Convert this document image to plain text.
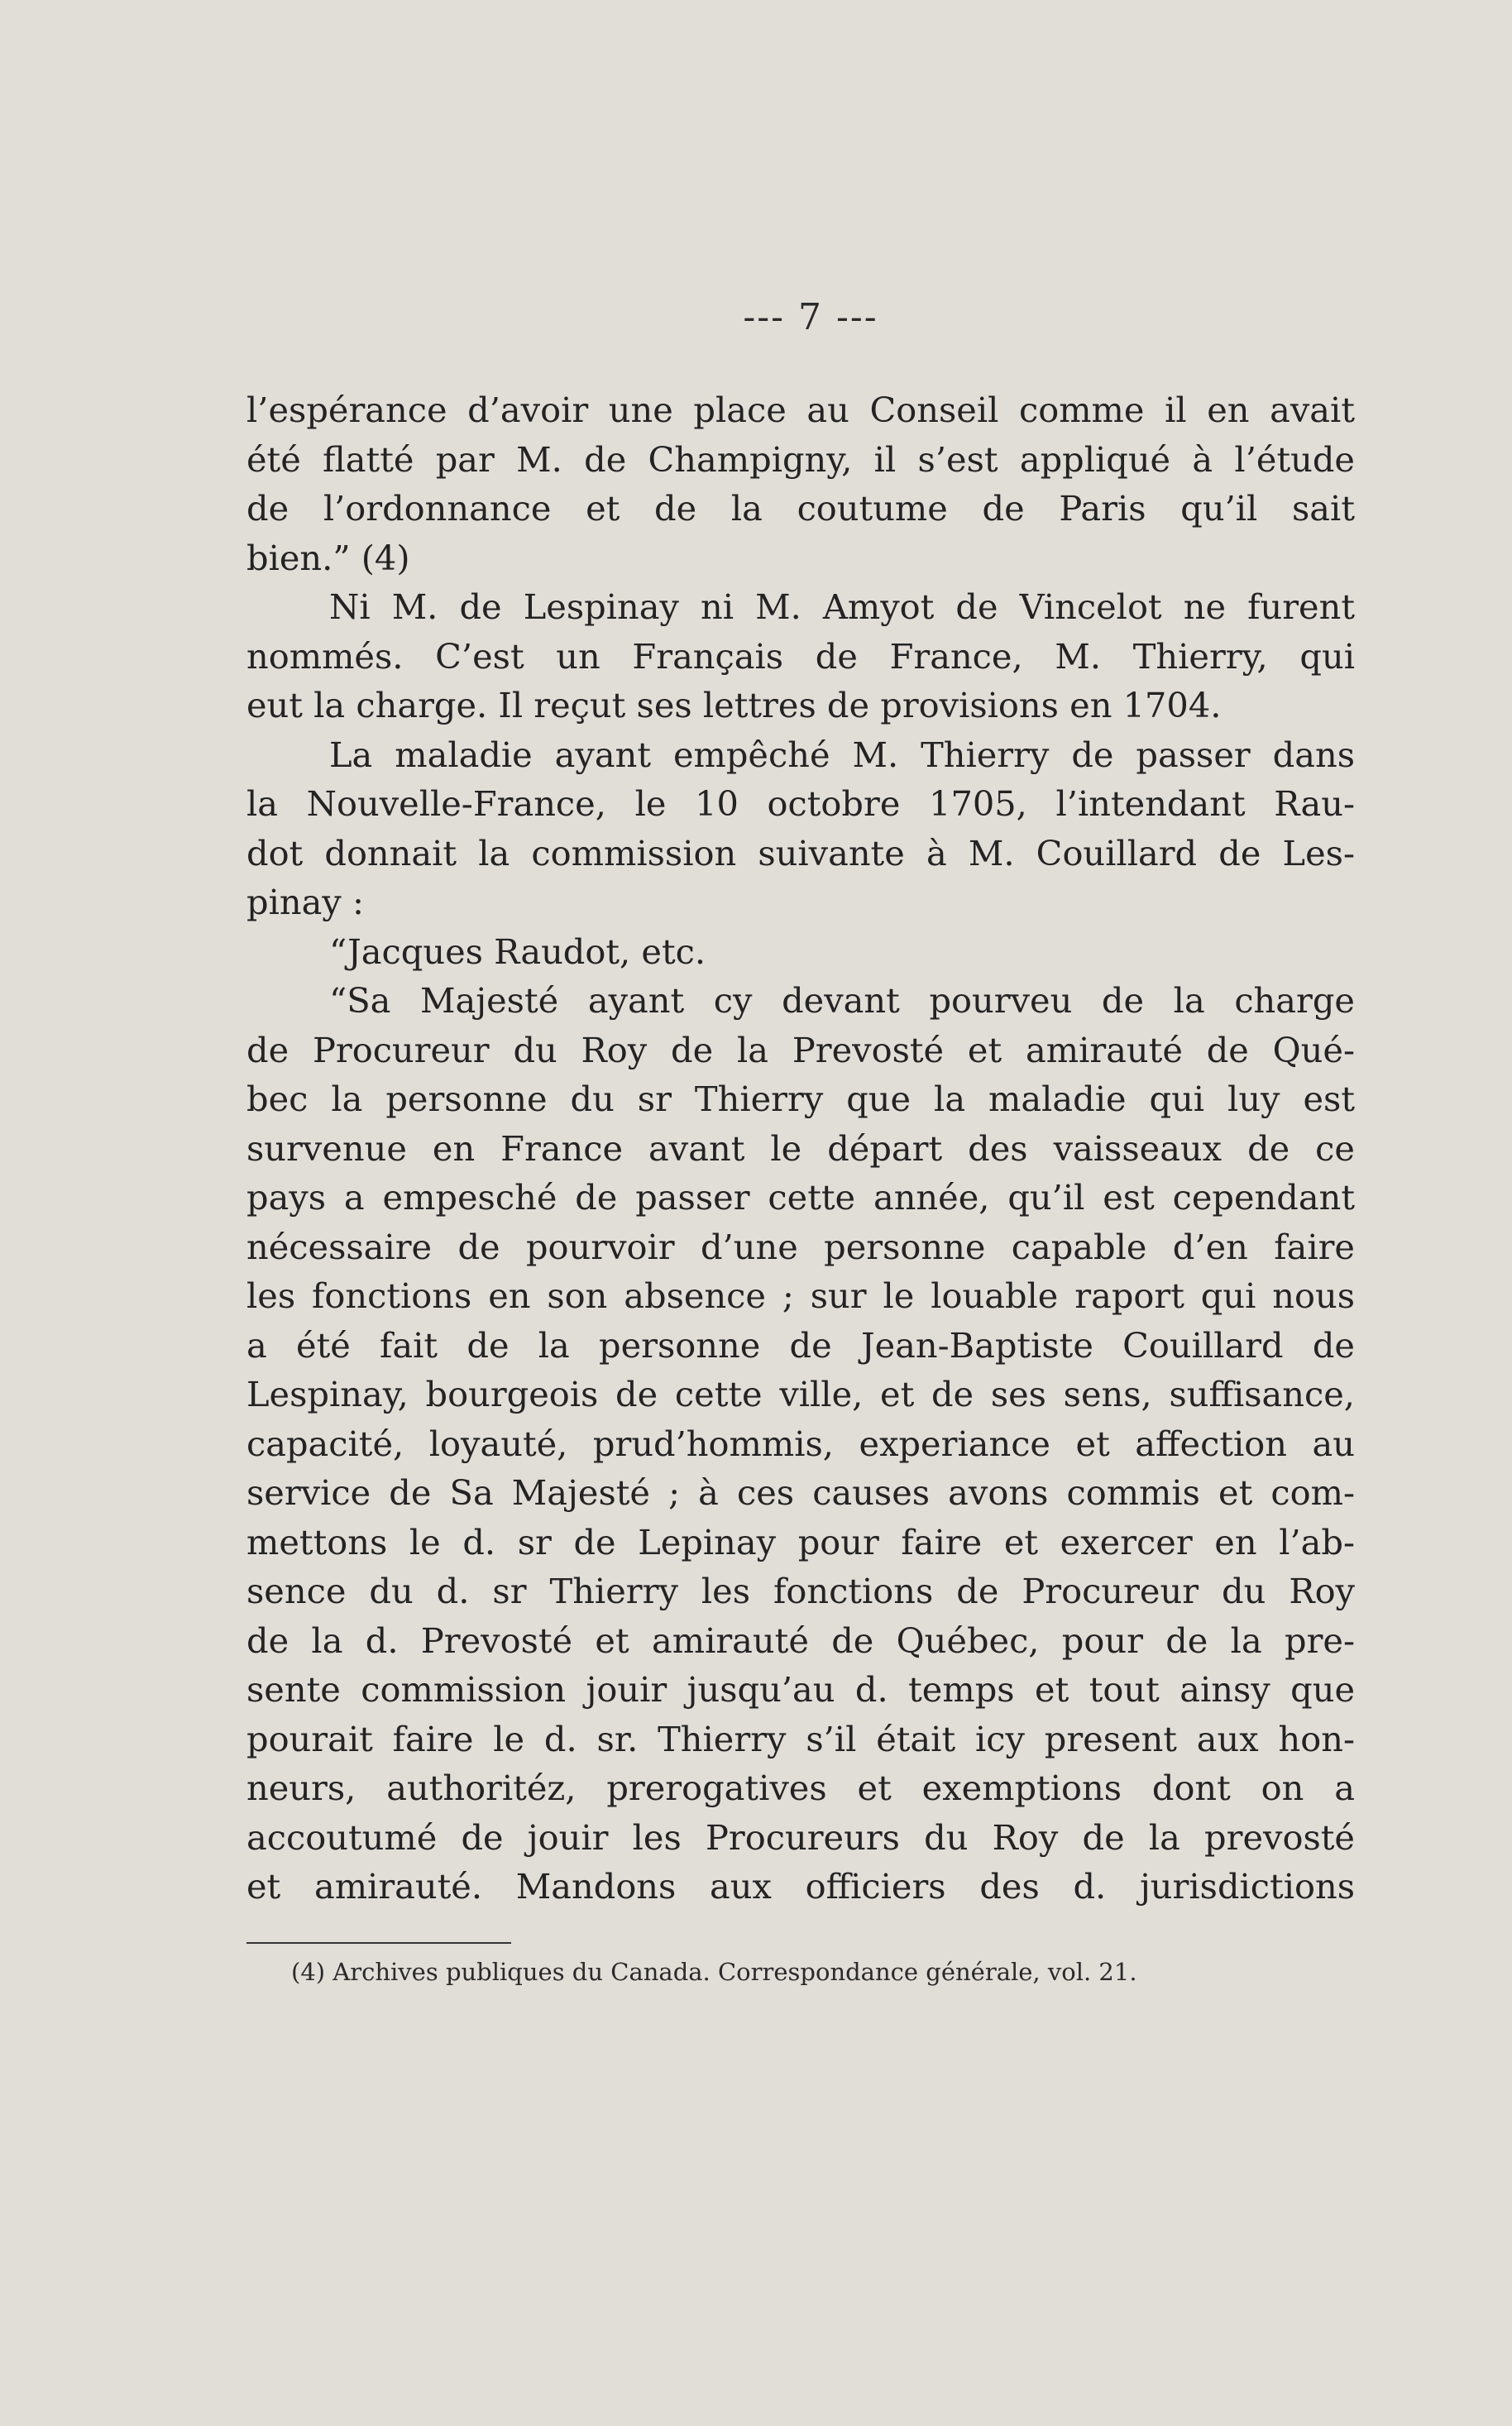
--- 7 ---
l’espérance d’avoir une place au Conseil comme il en avait
été flatté par M. de Champigny, il s’est appliqué à l’étude
de l’ordonnance et de la coutume de Paris qu’il sait
bien.” (4)
Ni M. de Lespinay ni M. Amyot de Vincelot ne furent
nommés. C’est un Français de France, M. Thierry, qui
eut la charge. Il reçut ses lettres de provisions en 1704.
La maladie ayant empêché M. Thierry de passer dans
la Nouvelle-France, le 10 octobre 1705, l’intendant Rau-
dot donnait la commission suivante à M. Couillard de Les-
pinay :
“Jacques Raudot, etc.
“Sa Majesté ayant cy devant pourveu de la charge
de Procureur du Roy de la Prevosté et amirauté de Qué-
bec la personne du sr Thierry que la maladie qui luy est
survenue en France avant le départ des vaisseaux de ce
pays a empesché de passer cette année, qu’il est cependant
nécessaire de pourvoir d’une personne capable d’en faire
les fonctions en son absence ; sur le louable raport qui nous
a été fait de la personne de Jean-Baptiste Couillard de
Lespinay, bourgeois de cette ville, et de ses sens, suffisance,
capacité, loyauté, prud’hommis, experiance et affection au
service de Sa Majesté ; à ces causes avons commis et com-
mettons le d. sr de Lepinay pour faire et exercer en l’ab-
sence du d. sr Thierry les fonctions de Procureur du Roy
de la d. Prevosté et amirauté de Québec, pour de la pre-
sente commission jouir jusqu’au d. temps et tout ainsy que
pourait faire le d. sr. Thierry s’il était icy present aux hon-
neurs, authoritéz, prerogatives et exemptions dont on a
accoutumé de jouir les Procureurs du Roy de la prevosté
et amirauté. Mandons aux officiers des d. jurisdictions
(4) Archives publiques du Canada. Correspondance générale, vol. 21.
